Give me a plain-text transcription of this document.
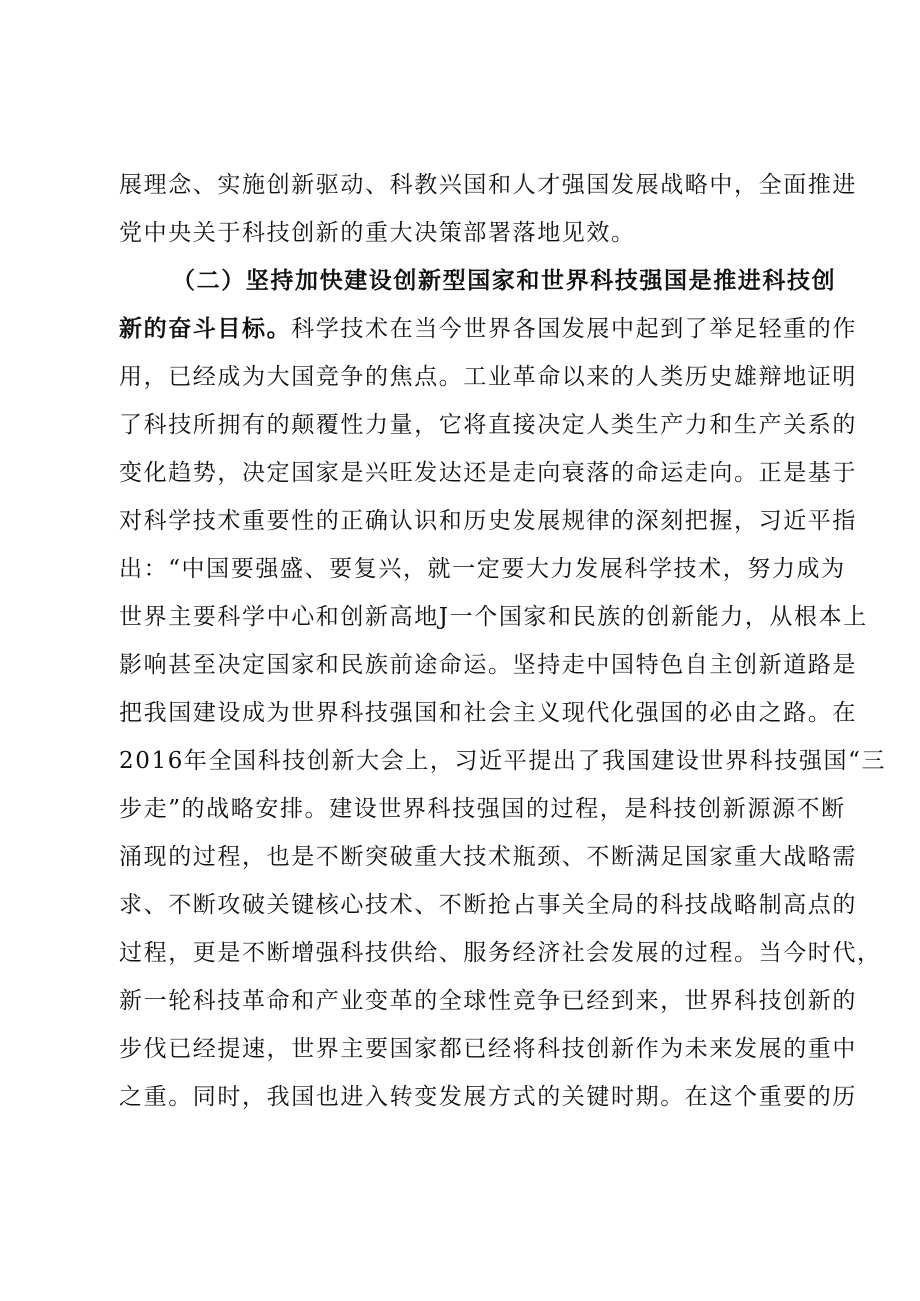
展理念、实施创新驱动、科教兴国和人才强国发展战略中，全面推进
党中央关于科技创新的重大决策部署落地见效。
（二）坚持加快建设创新型国家和世界科技强国是推进科技创
新的奋斗目标。科学技术在当今世界各国发展中起到了举足轻重的作
用，已经成为大国竞争的焦点。工业革命以来的人类历史雄辩地证明
了科技所拥有的颠覆性力量，它将直接决定人类生产力和生产关系的
变化趋势，决定国家是兴旺发达还是走向衰落的命运走向。正是基于
对科学技术重要性的正确认识和历史发展规律的深刻把握，习近平指
出：“中国要强盛、要复兴，就一定要大力发展科学技术，努力成为
世界主要科学中心和创新高地J一个国家和民族的创新能力，从根本上
影响甚至决定国家和民族前途命运。坚持走中国特色自主创新道路是
把我国建设成为世界科技强国和社会主义现代化强国的必由之路。在
2016年全国科技创新大会上，习近平提出了我国建设世界科技强国“三
步走”的战略安排。建设世界科技强国的过程，是科技创新源源不断
涌现的过程，也是不断突破重大技术瓶颈、不断满足国家重大战略需
求、不断攻破关键核心技术、不断抢占事关全局的科技战略制高点的
过程，更是不断增强科技供给、服务经济社会发展的过程。当今时代，
新一轮科技革命和产业变革的全球性竞争已经到来，世界科技创新的
步伐已经提速，世界主要国家都已经将科技创新作为未来发展的重中
之重。同时，我国也进入转变发展方式的关键时期。在这个重要的历
